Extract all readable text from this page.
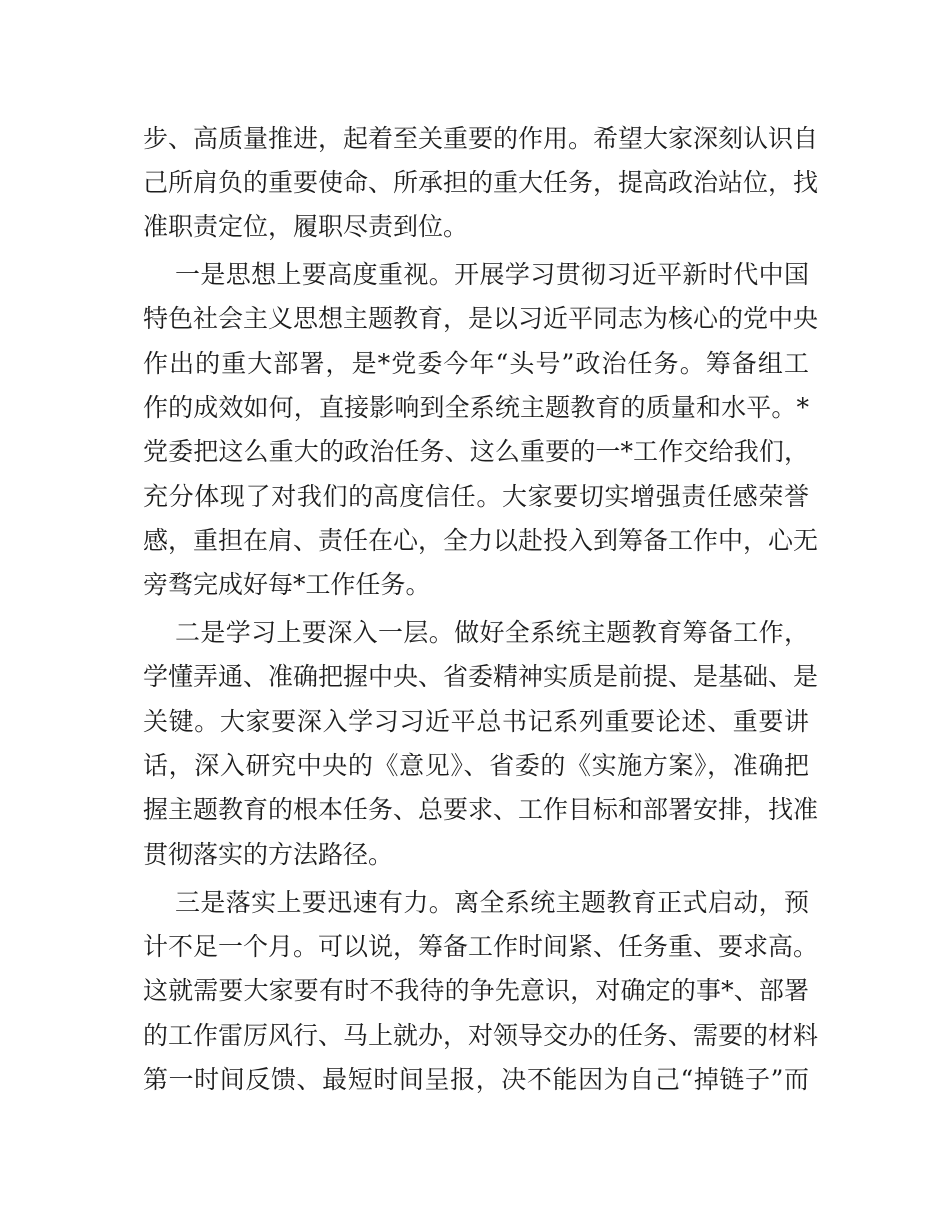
步、高质量推进，起着至关重要的作用。希望大家深刻认识自
己所肩负的重要使命、所承担的重大任务，提高政治站位，找
准职责定位，履职尽责到位。
一是思想上要高度重视。开展学习贯彻习近平新时代中国
特色社会主义思想主题教育，是以习近平同志为核心的党中央
作出的重大部署，是*党委今年“头号”政治任务。筹备组工
作的成效如何，直接影响到全系统主题教育的质量和水平。*
党委把这么重大的政治任务、这么重要的一*工作交给我们，
充分体现了对我们的高度信任。大家要切实增强责任感荣誉
感，重担在肩、责任在心，全力以赴投入到筹备工作中，心无
旁骛完成好每*工作任务。
二是学习上要深入一层。做好全系统主题教育筹备工作，
学懂弄通、准确把握中央、省委精神实质是前提、是基础、是
关键。大家要深入学习习近平总书记系列重要论述、重要讲
话，深入研究中央的《意见》、省委的《实施方案》，准确把
握主题教育的根本任务、总要求、工作目标和部署安排，找准
贯彻落实的方法路径。
三是落实上要迅速有力。离全系统主题教育正式启动，预
计不足一个月。可以说，筹备工作时间紧、任务重、要求高。
这就需要大家要有时不我待的争先意识，对确定的事*、部署
的工作雷厉风行、马上就办，对领导交办的任务、需要的材料
第一时间反馈、最短时间呈报，决不能因为自己“掉链子”而
